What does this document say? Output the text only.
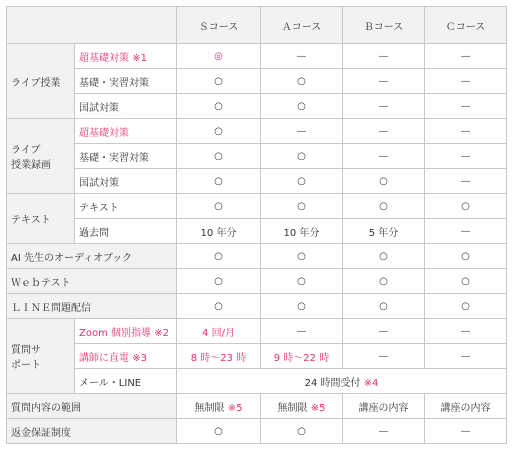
		Ｓコース	Ａコース	Ｂコース	Ｃコース
ライブ授業	超基礎対策 ※1	◎	—	—	—
	基礎・実習対策	○	○	—	—
	国試対策	○	○	—	—
ライブ
授業録画	超基礎対策	○	—	—	—
	基礎・実習対策	○	○	—	—
	国試対策	○	○	○	—
テキスト	テキスト	○	○	○	○
	過去問	10 年分	10 年分	5 年分	—
AI 先生のオーディオブック		○	○	○	○
Ｗｅｂテスト		○	○	○	○
ＬＩＮＥ問題配信		○	○	○	○
質問サ
ポート	Zoom 個別指導 ※2	4 回/月	—	—	—
	講師に直電 ※3	8 時〜23 時	9 時〜22 時	—	—
	メール・LINE	24 時間受付 ※4			
質問内容の範囲		無制限 ※5	無制限 ※5	講座の内容	講座の内容
返金保証制度		○	○	—	—
